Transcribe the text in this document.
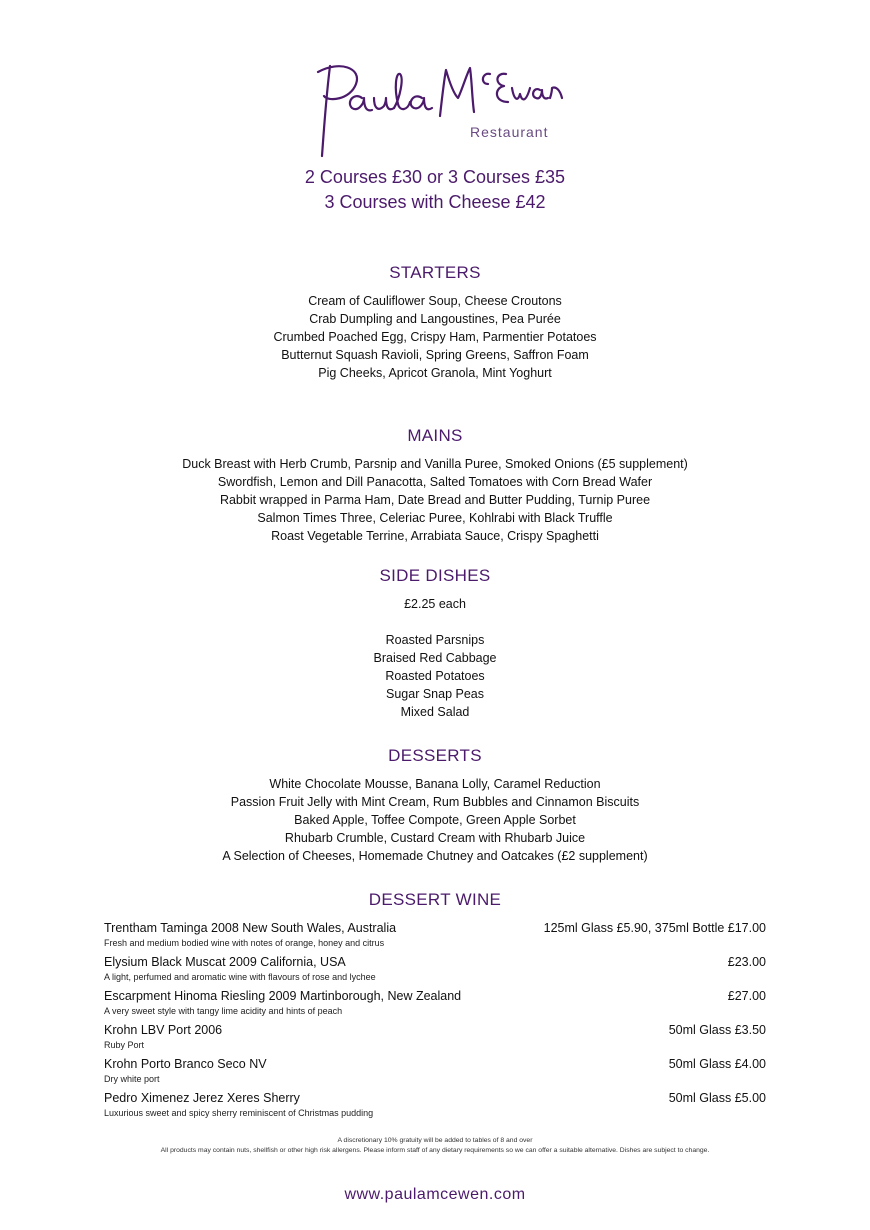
Restaurant
2 Courses £30 or 3 Courses £35
3 Courses with Cheese £42
STARTERS
Cream of Cauliflower Soup, Cheese Croutons
Crab Dumpling and Langoustines, Pea Purée
Crumbed Poached Egg, Crispy Ham, Parmentier Potatoes
Butternut Squash Ravioli, Spring Greens, Saffron Foam
Pig Cheeks, Apricot Granola, Mint Yoghurt
MAINS
Duck Breast with Herb Crumb, Parsnip and Vanilla Puree, Smoked Onions (£5 supplement)
Swordfish, Lemon and Dill Panacotta, Salted Tomatoes with Corn Bread Wafer
Rabbit wrapped in Parma Ham, Date Bread and Butter Pudding, Turnip Puree
Salmon Times Three, Celeriac Puree, Kohlrabi with Black Truffle
Roast Vegetable Terrine, Arrabiata Sauce, Crispy Spaghetti
SIDE DISHES
£2.25 each
Roasted Parsnips
Braised Red Cabbage
Roasted Potatoes
Sugar Snap Peas
Mixed Salad
DESSERTS
White Chocolate Mousse, Banana Lolly, Caramel Reduction
Passion Fruit Jelly with Mint Cream, Rum Bubbles and Cinnamon Biscuits
Baked Apple, Toffee Compote, Green Apple Sorbet
Rhubarb Crumble, Custard Cream with Rhubarb Juice
A Selection of Cheeses, Homemade Chutney and Oatcakes (£2 supplement)
DESSERT WINE
Trentham Taminga 2008 New South Wales, Australia
Fresh and medium bodied wine with notes of orange, honey and citrus
125ml Glass £5.90, 375ml Bottle £17.00
Elysium Black Muscat 2009 California, USA
A light, perfumed and aromatic wine with flavours of rose and lychee
£23.00
Escarpment Hinoma Riesling 2009 Martinborough, New Zealand
A very sweet style with tangy lime acidity and hints of peach
£27.00
Krohn LBV Port 2006
Ruby Port
50ml Glass £3.50
Krohn Porto Branco Seco NV
Dry white port
50ml Glass £4.00
Pedro Ximenez Jerez Xeres Sherry
Luxurious sweet and spicy sherry reminiscent of Christmas pudding
50ml Glass £5.00
A discretionary 10% gratuity will be added to tables of 8 and over
All products may contain nuts, shellfish or other high risk allergens. Please inform staff of any dietary requirements so we can offer a suitable alternative. Dishes are subject to change.
www.paulamcewen.com
